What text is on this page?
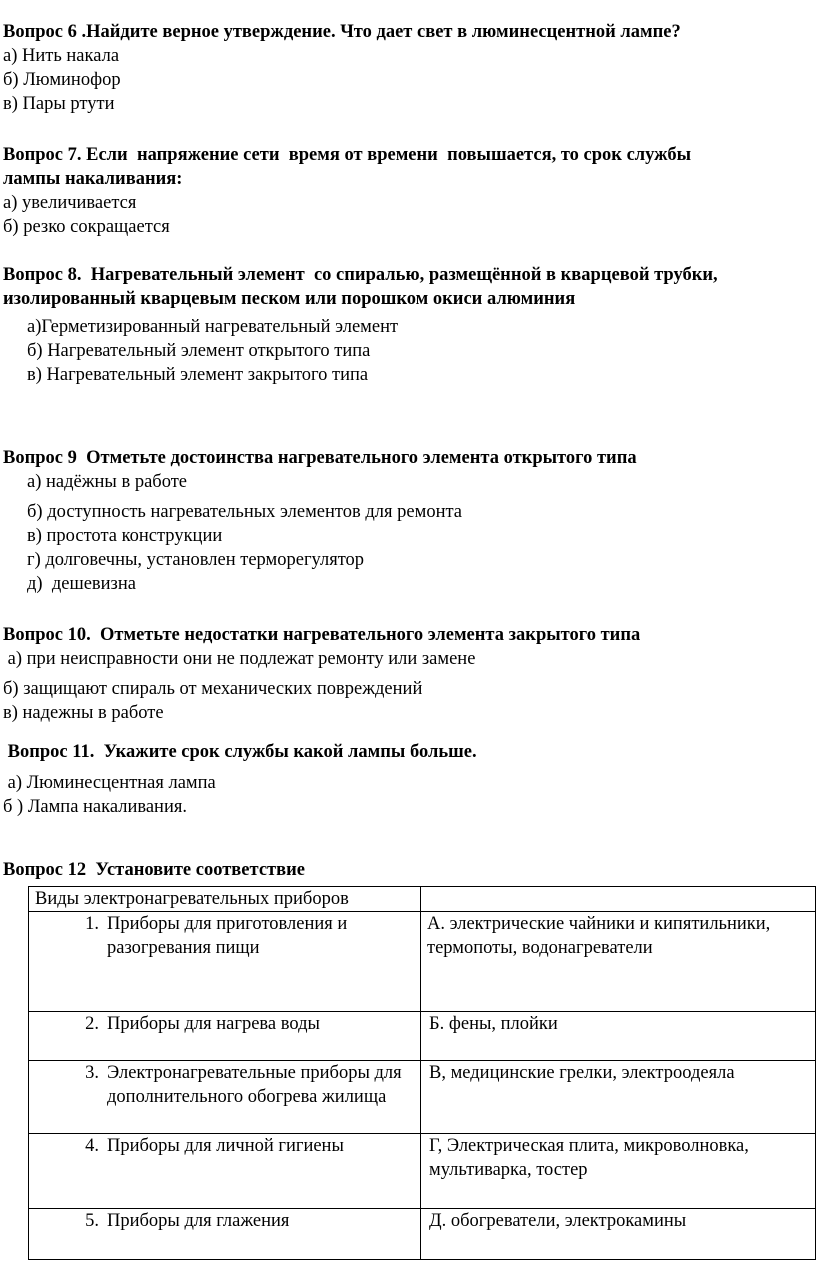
Вопрос 6 .Найдите верное утверждение. Что дает свет в люминесцентной лампе?
а) Нить накала
б) Люминофор
в) Пары ртути
Вопрос 7. Если  напряжение сети  время от времени  повышается, то срок службы
лампы накаливания:
а) увеличивается
б) резко сокращается
Вопрос 8.  Нагревательный элемент  со спиралью, размещённой в кварцевой трубки,
изолированный кварцевым песком или порошком окиси алюминия
а)Герметизированный нагревательный элемент
б) Нагревательный элемент открытого типа
в) Нагревательный элемент закрытого типа
Вопрос 9  Отметьте достоинства нагревательного элемента открытого типа
а) надёжны в работе
б) доступность нагревательных элементов для ремонта
в) простота конструкции
г) долговечны, установлен терморегулятор
д)  дешевизна
Вопрос 10.  Отметьте недостатки нагревательного элемента закрытого типа
а) при неисправности они не подлежат ремонту или замене
б) защищают спираль от механических повреждений
в) надежны в работе
Вопрос 11.  Укажите срок службы какой лампы больше.
а) Люминесцентная лампа
б ) Лампа накаливания.
Вопрос 12  Установите соответствие
Виды электронагревательных приборов	

1. Приборы для приготовления и разогревания пищи	А. электрические чайники и кипятильники, термопоты, водонагреватели

2. Приборы для нагрева воды	Б. фены, плойки

3. Электронагревательные приборы для дополнительного обогрева жилища	В, медицинские грелки, электроодеяла

4. Приборы для личной гигиены	Г, Электрическая плита, микроволновка, мультиварка, тостер

5. Приборы для глажения	Д. обогреватели, электрокамины
